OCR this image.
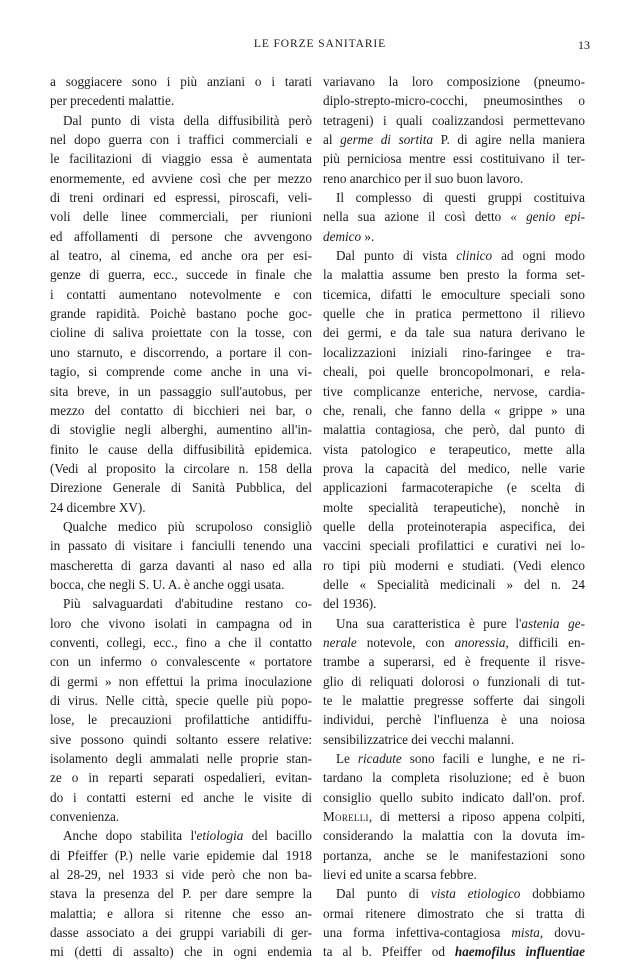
LE FORZE SANITARIE	13
a soggiacere sono i più anziani o i tarati
per precedenti malattie.
Dal punto di vista della diffusibilità però
nel dopo guerra con i traffici commerciali e
le facilitazioni di viaggio essa è aumentata
enormemente, ed avviene così che per mezzo
di treni ordinari ed espressi, piroscafi, veli-
voli delle linee commerciali, per riunioni
ed affollamenti di persone che avvengono
al teatro, al cinema, ed anche ora per esi-
genze di guerra, ecc., succede in finale che
i contatti aumentano notevolmente e con
grande rapidità. Poichè bastano poche goc-
cioline di saliva proiettate con la tosse, con
uno starnuto, e discorrendo, a portare il con-
tagio, si comprende come anche in una vi-
sita breve, in un passaggio sull'autobus, per
mezzo del contatto di bicchieri nei bar, o
di stoviglie negli alberghi, aumentino all'in-
finito le cause della diffusibilità epidemica.
(Vedi al proposito la circolare n. 158 della
Direzione Generale di Sanità Pubblica, del
24 dicembre XV).
Qualche medico più scrupoloso consigliò
in passato di visitare i fanciulli tenendo una
mascheretta di garza davanti al naso ed alla
bocca, che negli S. U. A. è anche oggi usata.
Più salvaguardati d'abitudine restano co-
loro che vivono isolati in campagna od in
conventi, collegi, ecc., fino a che il contatto
con un infermo o convalescente « portatore
di germi » non effettui la prima inoculazione
di virus. Nelle città, specie quelle più popo-
lose, le precauzioni profilattiche antidiffu-
sive possono quindi soltanto essere relative:
isolamento degli ammalati nelle proprie stan-
ze o in reparti separati ospedalieri, evitan-
do i contatti esterni ed anche le visite di
convenienza.
Anche dopo stabilita l'etiologia del bacillo
di Pfeiffer (P.) nelle varie epidemie dal 1918
al 28-29, nel 1933 si vide però che non ba-
stava la presenza del P. per dare sempre la
malattia; e allora si ritenne che esso an-
dasse associato a dei gruppi variabili di ger-
mi (detti di assalto) che in ogni endemia
variavano la loro composizione (pneumo-
diplo-strepto-micro-cocchi, pneumosinthes o
tetrageni) i quali coalizzandosi permettevano
al germe di sortita P. di agire nella maniera
più perniciosa mentre essi costituivano il ter-
reno anarchico per il suo buon lavoro.
Il complesso di questi gruppi costituiva
nella sua azione il così detto « genio epi-
demico ».
Dal punto di vista clinico ad ogni modo
la malattia assume ben presto la forma set-
ticemica, difatti le emoculture speciali sono
quelle che in pratica permettono il rilievo
dei germi, e da tale sua natura derivano le
localizzazioni iniziali rino-faringee e tra-
cheali, poi quelle broncopolmonari, e rela-
tive complicanze enteriche, nervose, cardia-
che, renali, che fanno della « grippe » una
malattia contagiosa, che però, dal punto di
vista patologico e terapeutico, mette alla
prova la capacità del medico, nelle varie
applicazioni farmacoterapiche (e scelta di
molte specialità terapeutiche), nonchè in
quelle della proteinoterapia aspecifica, dei
vaccini speciali profilattici e curativi nei lo-
ro tipi più moderni e studiati. (Vedi elenco
delle « Specialità medicinali » del n. 24
del 1936).
Una sua caratteristica è pure l'astenia ge-
nerale notevole, con anoressia, difficili en-
trambe a superarsi, ed è frequente il risve-
glio di reliquati dolorosi o funzionali di tut-
te le malattie pregresse sofferte dai singoli
individui, perchè l'influenza è una noiosa
sensibilizzatrice dei vecchi malanni.
Le ricadute sono facili e lunghe, e ne ri-
tardano la completa risoluzione; ed è buon
consiglio quello subito indicato dall'on. prof.
Morelli, di mettersi a riposo appena colpiti,
considerando la malattia con la dovuta im-
portanza, anche se le manifestazioni sono
lievi ed unite a scarsa febbre.
Dal punto di vista etiologico dobbiamo
ormai ritenere dimostrato che si tratta di
una forma infettiva-contagiosa mista, dovu-
ta al b. Pfeiffer od haemofilus influentiae
